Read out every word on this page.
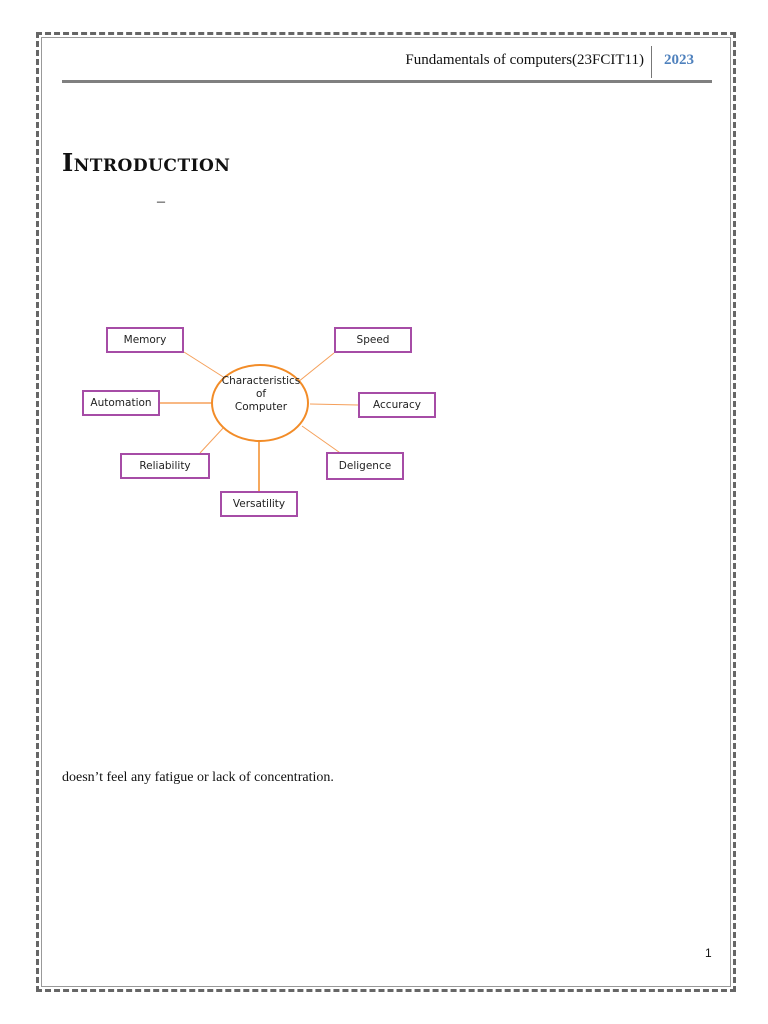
Fundamentals of computers(23FCIT11) 2023
Introduction
–
Characteristics
of
Computer
Memory	Speed
Automation	Accuracy
Reliability	Deligence
Versatility
doesn’t feel any fatigue or lack of concentration.
1
